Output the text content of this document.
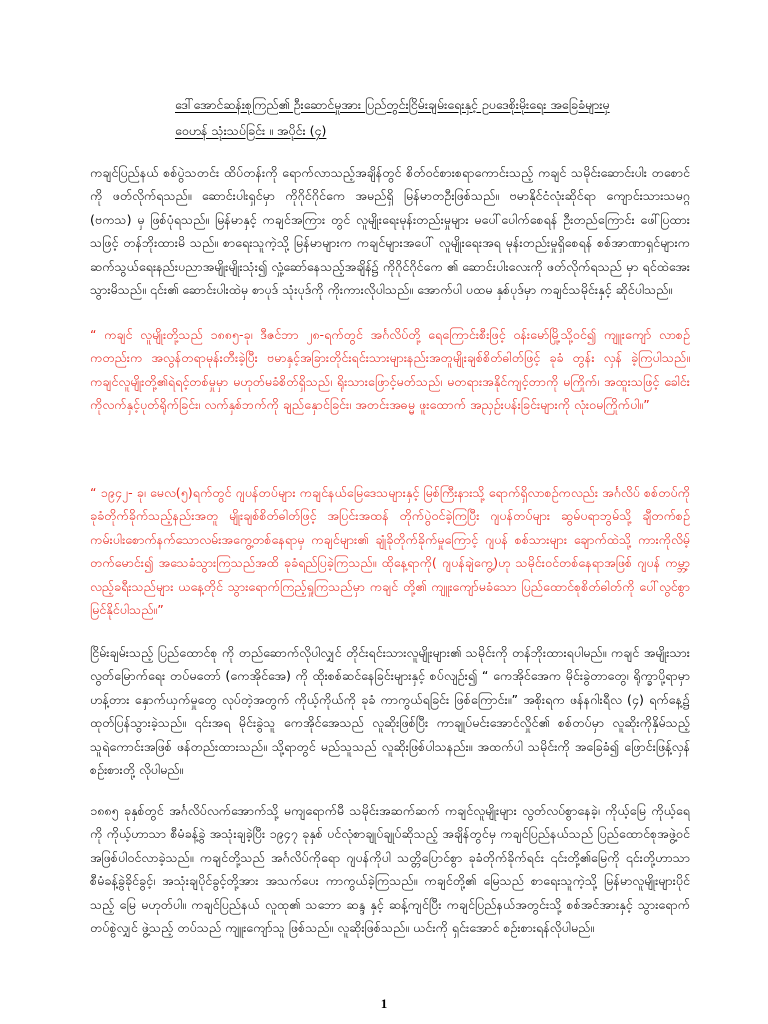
ဒေါ်အောင်ဆန်းစုကြည်၏ ဦးဆောင်မှုအား ပြည်တွင်းငြိမ်းချမ်းရေးနှင့် ဥပဒေစိုးမိုးရေး အခြေခံများမှ
ဝေဟန် သုံးသပ်ခြင်း ။ အပိုင်း (၄)

ကချင်ပြည်နယ် စစ်ပွဲသတင်း ထိပ်တန်းကို ရောက်လာသည့်အချိန်တွင် စိတ်ဝင်စားစရာကောင်းသည့် ကချင် သမိုင်းဆောင်းပါး တစောင်ကို ဖတ်လိုက်ရသည်။ ဆောင်းပါးရှင်မှာ ကိုဂိုင်ဂိုင်ကေ အမည်ရှိ မြန်မာတဦးဖြစ်သည်။ ဗမာနိုင်ငံလုံးဆိုင်ရာ ကျောင်းသားသမဂ္ဂ (ဗကသ) မှ ဖြစ်ပုံရသည်။ မြန်မာနှင့် ကချင်အကြား တွင် လူမျိုးရေးမုန်းတည်းမှုများ မပေါ်ပေါက်စေရန် ဦးတည်ကြောင်း ဖေါ်ပြထားသဖြင့် တန်ဘိုးထားမိ သည်။ စာရေးသူကဲ့သို့ မြန်မာများက ကချင်များအပေါ် လူမျိုးရေးအရ မုန်းတည်းမှုရှိစေရန် စစ်အာဏာရှင်များက ဆက်သွယ်ရေးနည်းပညာအမျိုးမျိုးသုံး၍ လှုံ့ဆော်နေသည့်အချိန်၌ ကိုဂိုင်ဂိုင်ကေ ၏ ဆောင်းပါးလေးကို ဖတ်လိုက်ရသည် မှာ ရင်ထဲအေးသွားမိသည်။ ၎င်း၏ ဆောင်းပါးထဲမှ စာပုဒ် သုံးပုဒ်ကို ကိုးကားလိုပါသည်။ အောက်ပါ ပထမ နှစ်ပုဒ်မှာ ကချင်သမိုင်းနှင့် ဆိုင်ပါသည်။

“ ကချင် လူမျိုးတို့သည် ၁၈၈၅-ခု၊ ဒီဇင်ဘာ ၂၈-ရက်တွင် အင်္ဂလိပ်တို့ ရေကြောင်းစီးဖြင့် ဝန်းမော်မြို့သို့ဝင်၍ ကျူးကျော် လာစဉ်ကတည်းက အလွန်တရာမုန်းတီးခဲ့ပြီး ဗမာနှင့်အခြားတိုင်းရင်းသားများနည်းအတူမျိုးချစ်စိတ်ဓါတ်ဖြင့် ခုခံ တွန်း လှန် ခဲ့ကြပါသည်။ ကချင်လူမျိုးတို့၏ရဲရင့်တစ်မှုမှာ မဟုတ်မခံစိတ်ရှိသည်၊ ရိုးသားဖြောင့်မတ်သည်၊ မတရားအနိုင်ကျင့်တာကို မကြိုက်၊ အထူးသဖြင့် ခေါင်းကိုလက်နှင့်ပုတ်ရိုက်ခြင်း၊ လက်နှစ်ဘက်ကို ချည်နှောင်ခြင်း၊ အတင်းအဓမ္မ ဖူးထောက် အညှဉ်းပန်းခြင်းများကို လုံးဝမကြိုက်ပါ။”

“ ၁၉၄၂- ခု၊ မေလ(၅)ရက်တွင် ဂျပန်တပ်များ ကချင်နယ်မြေဒေသများနှင့် မြစ်ကြီးနားသို့ ရောက်ရှိလာစဉ်ကလည်း အင်္ဂလိပ် စစ်တပ်ကို ခုခံတိုက်ခိုက်သည့်နည်းအတူ မျိုးချစ်စိတ်ဓါတ်ဖြင့် အပြင်းအထန် တိုက်ပွဲဝင်ခဲ့ကြပြီး ဂျပန်တပ်များ ဆွမ်ပရာဘွမ်သို့ ချီတက်စဉ် ကမ်းပါးစောက်နက်သောလမ်းအကွေ့တစ်နေရာမှ ကချင်များ၏ ချုံခိုတိုက်ခိုက်မှုကြောင့် ဂျပန် စစ်သားများ ချောက်ထဲသို့ ကားကိုလိမ့်တက်မောင်း၍ အသေခံသွားကြသည်အထိ ခုခံရည်ပြခဲ့ကြသည်။ ထိုနေ့ရာကို( ဂျပန်ချဲကွေ့)ဟု သမိုင်းဝင်တစ်နေရာအဖြစ် ဂျပန် ကမ္ဘာ့လည့်ခရီးသည်များ ယနေ့တိုင် သွားရောက်ကြည့်ရှုကြသည်မှာ ကချင် တို့၏ ကျူးကျော်မခံသော ပြည်ထောင်စုစိတ်ဓါတ်ကို ပေါ်လွင်စွာမြင်နိုင်ပါသည်။”

ငြိမ်းချမ်းသည့် ပြည်ထောင်စု ကို တည်ဆောက်လိုပါလျှင် တိုင်းရင်းသားလူမျိုးများ၏ သမိုင်းကို တန်ဘိုးထားရပါမည်။ ကချင် အမျိုးသားလွတ်မြောက်ရေး တပ်မတော် (ကေအိုင်အေ) ကို ထိုးစစ်ဆင်နေခြင်းများနှင့် စပ်လျဉ်း၍ “ ကေအိုင်အေက မိုင်းခွဲတာတွေ၊ ရိုက္ခာပို့ရာမှာ ဟန့်တား နှောက်ယှက်မှုတွေ လုပ်တဲ့အတွက် ကိုယ့်ကိုယ်ကို ခုခံ ကာကွယ်ရခြင်း ဖြစ်ကြောင်း။” အစိုးရက ဖန်နဂါးရီလ (၄) ရက်နေ့၌ ထုတ်ပြန်သွားခဲ့သည်။ ၎င်းအရ မိုင်းခွဲသူ ကေအိုင်အေသည် လူဆိုးဖြစ်ပြီး ကာချုပ်မင်းအောင်လှိုင်၏ စစ်တပ်မှာ လူဆိုးကိုနှိမ်သည့် သူရဲကောင်းအဖြစ် ဖန်တည်းထားသည်။ သို့ရာတွင် မည်သူသည် လူဆိုးဖြစ်ပါသနည်း။ အထက်ပါ သမိုင်းကို အခြေခံ၍ ဖြောင်းဖြန့်လှန်စဉ်းစားတို့ လိုပါမည်။

၁၈၈၅ ခုနှစ်တွင် အင်္ဂလိပ်လက်အောက်သို့ မကျရောက်မီ သမိုင်းအဆက်ဆက် ကချင်လူမျိုးများ လွတ်လပ်စွာနေခဲ့၊ ကိုယ့်မြေ ကိုယ့်ရေကို ကိုယ့်ဟာသာ စီမံခန့်ခွဲ အသုံးချခဲ့ပြီး ၁၉၄၇ ခုနှစ် ပင်လုံစာချုပ်ချုပ်ဆိုသည့် အချိန်တွင်မှ ကချင်ပြည်နယ်သည် ပြည်ထောင်စုအဖွဲ့ဝင် အဖြစ်ပါဝင်လာခဲ့သည်။ ကချင်တို့သည် အင်္ဂလိပ်ကိုရော ဂျပန်ကိုပါ သတ္တိပြောင်စွာ ခုခံတိုက်ခိုက်ရင်း ၎င်းတို့၏မြေကို ၎င်းတို့ဟာသာ စီမံခန့်ခွဲခိုင်ခွင့်၊ အသုံးချပိုင်ခွင့်တို့အား အသက်ပေး ကာကွယ်ခဲ့ကြသည်။ ကချင်တို့၏ မြေသည် စာရေးသူကဲ့သို့ မြန်မာလူမျိုးများပိုင်သည့် မြေ မဟုတ်ပါ။ ကချင်ပြည်နယ် လူထု၏ သဘော ဆန္ဒ နှင့် ဆန့်ကျင်ပြီး ကချင်ပြည်နယ်အတွင်းသို့ စစ်အင်အားနှင့် သွားရောက်တပ်စွဲလျှင် ဖွဲ့သည့် တပ်သည် ကျူးကျော်သူ ဖြစ်သည်။ လူဆိုးဖြစ်သည်။ ယင်းကို ရှင်းအောင် စဉ်းစားရန်လိုပါမည်။

1
